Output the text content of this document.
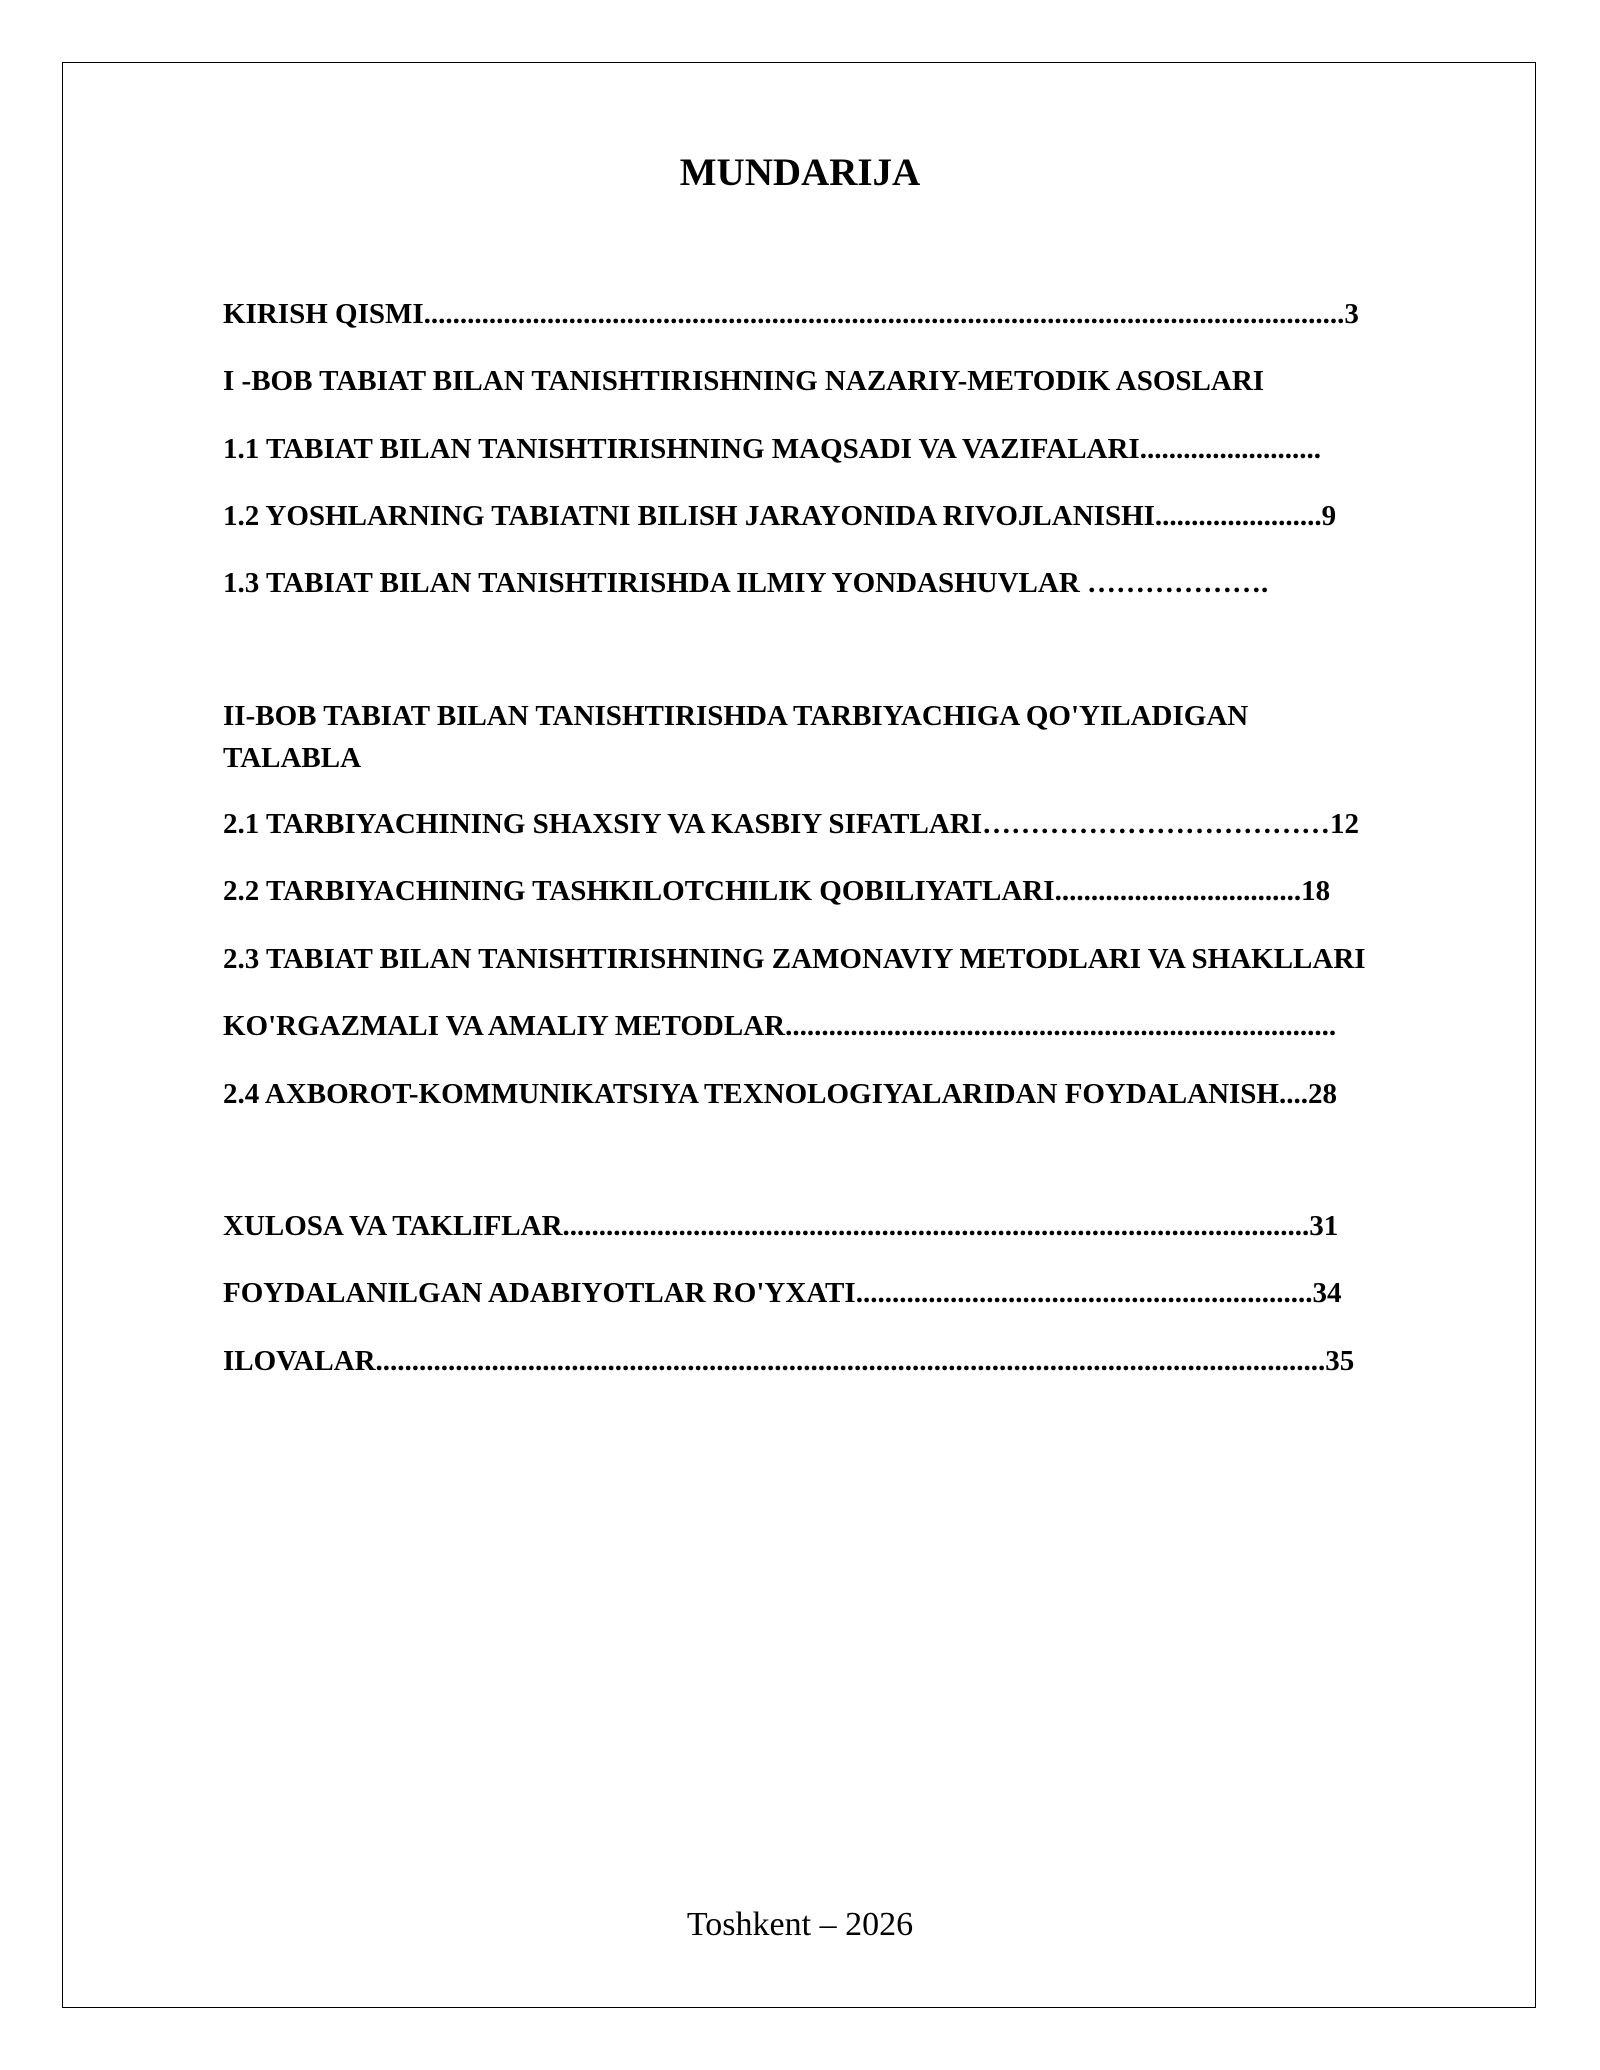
MUNDARIJA
KIRISH QISMI...............................................................................................................................3
I -BOB TABIAT BILAN TANISHTIRISHNING NAZARIY-METODIK ASOSLARI
1.1 TABIAT BILAN TANISHTIRISHNING MAQSADI VA VAZIFALARI.........................
1.2 YOSHLARNING TABIATNI BILISH JARAYONIDA RIVOJLANISHI.......................9
1.3 TABIAT BILAN TANISHTIRISHDA ILMIY YONDASHUVLAR ……………….
II-BOB TABIAT BILAN TANISHTIRISHDA TARBIYACHIGA QO'YILADIGAN TALABLA
2.1 TARBIYACHINING SHAXSIY VA KASBIY SIFATLARI………………………………12
2.2 TARBIYACHINING TASHKILOTCHILIK QOBILIYATLARI..................................18
2.3 TABIAT BILAN TANISHTIRISHNING ZAMONAVIY METODLARI VA SHAKLLARI
KO'RGAZMALI VA AMALIY METODLAR............................................................................
2.4 AXBOROT-KOMMUNIKATSIYA TEXNOLOGIYALARIDAN FOYDALANISH....28
XULOSA VA TAKLIFLAR.......................................................................................................31
FOYDALANILGAN ADABIYOTLAR RO'YXATI...............................................................34
ILOVALAR...................................................................................................................................35
Toshkent – 2026
